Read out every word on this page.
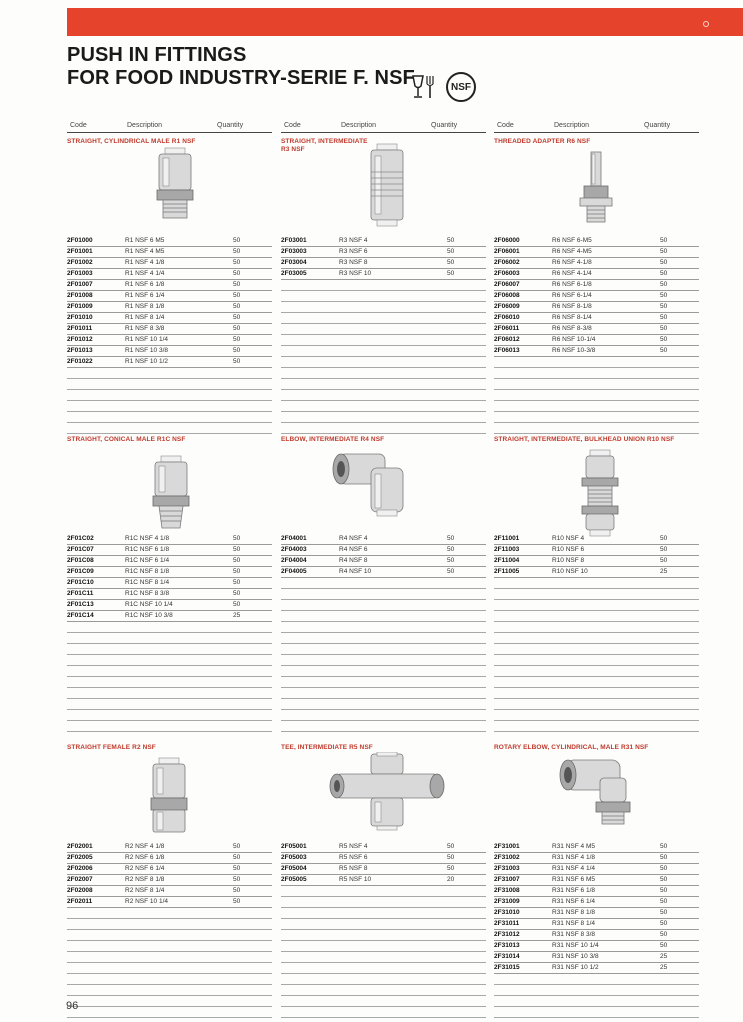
PUSH IN FITTINGS
FOR FOOD INDUSTRY-SERIE F. NSF	NSF
Code	Description	Quantity	Code	Description	Quantity	Code	Description	Quantity
STRAIGHT, CYLINDRICAL MALE R1 NSF
2F01000	R1 NSF 6 M5	50
2F01001	R1 NSF 4 M5	50
2F01002	R1 NSF 4 1/8	50
2F01003	R1 NSF 4 1/4	50
2F01007	R1 NSF 6 1/8	50
2F01008	R1 NSF 6 1/4	50
2F01009	R1 NSF 8 1/8	50
2F01010	R1 NSF 8 1/4	50
2F01011	R1 NSF 8 3/8	50
2F01012	R1 NSF 10 1/4	50
2F01013	R1 NSF 10 3/8	50
2F01022	R1 NSF 10 1/2	50
STRAIGHT, INTERMEDIATE
R3 NSF
2F03001	R3 NSF 4	50
2F03003	R3 NSF 6	50
2F03004	R3 NSF 8	50
2F03005	R3 NSF 10	50
THREADED ADAPTER R6 NSF
2F06000	R6 NSF 6-M5	50
2F06001	R6 NSF 4-M5	50
2F06002	R6 NSF 4-1/8	50
2F06003	R6 NSF 4-1/4	50
2F06007	R6 NSF 6-1/8	50
2F06008	R6 NSF 6-1/4	50
2F06009	R6 NSF 8-1/8	50
2F06010	R6 NSF 8-1/4	50
2F06011	R6 NSF 8-3/8	50
2F06012	R6 NSF 10-1/4	50
2F06013	R6 NSF 10-3/8	50
STRAIGHT, CONICAL MALE R1C NSF
2F01C02	R1C NSF 4 1/8	50
2F01C07	R1C NSF 6 1/8	50
2F01C08	R1C NSF 6 1/4	50
2F01C09	R1C NSF 8 1/8	50
2F01C10	R1C NSF 8 1/4	50
2F01C11	R1C NSF 8 3/8	50
2F01C13	R1C NSF 10 1/4	50
2F01C14	R1C NSF 10 3/8	25
ELBOW, INTERMEDIATE R4 NSF
2F04001	R4 NSF 4	50
2F04003	R4 NSF 6	50
2F04004	R4 NSF 8	50
2F04005	R4 NSF 10	50
STRAIGHT, INTERMEDIATE, BULKHEAD UNION R10 NSF
2F11001	R10 NSF 4	50
2F11003	R10 NSF 6	50
2F11004	R10 NSF 8	50
2F11005	R10 NSF 10	25
STRAIGHT FEMALE R2 NSF
2F02001	R2 NSF 4 1/8	50
2F02005	R2 NSF 6 1/8	50
2F02006	R2 NSF 6 1/4	50
2F02007	R2 NSF 8 1/8	50
2F02008	R2 NSF 8 1/4	50
2F02011	R2 NSF 10 1/4	50
TEE, INTERMEDIATE R5 NSF
2F05001	R5 NSF 4	50
2F05003	R5 NSF 6	50
2F05004	R5 NSF 8	50
2F05005	R5 NSF 10	20
ROTARY ELBOW, CYLINDRICAL, MALE R31 NSF
2F31001	R31 NSF 4 M5	50
2F31002	R31 NSF 4 1/8	50
2F31003	R31 NSF 4 1/4	50
2F31007	R31 NSF 6 M5	50
2F31008	R31 NSF 6 1/8	50
2F31009	R31 NSF 6 1/4	50
2F31010	R31 NSF 8 1/8	50
2F31011	R31 NSF 8 1/4	50
2F31012	R31 NSF 8 3/8	50
2F31013	R31 NSF 10 1/4	50
2F31014	R31 NSF 10 3/8	25
2F31015	R31 NSF 10 1/2	25
96
